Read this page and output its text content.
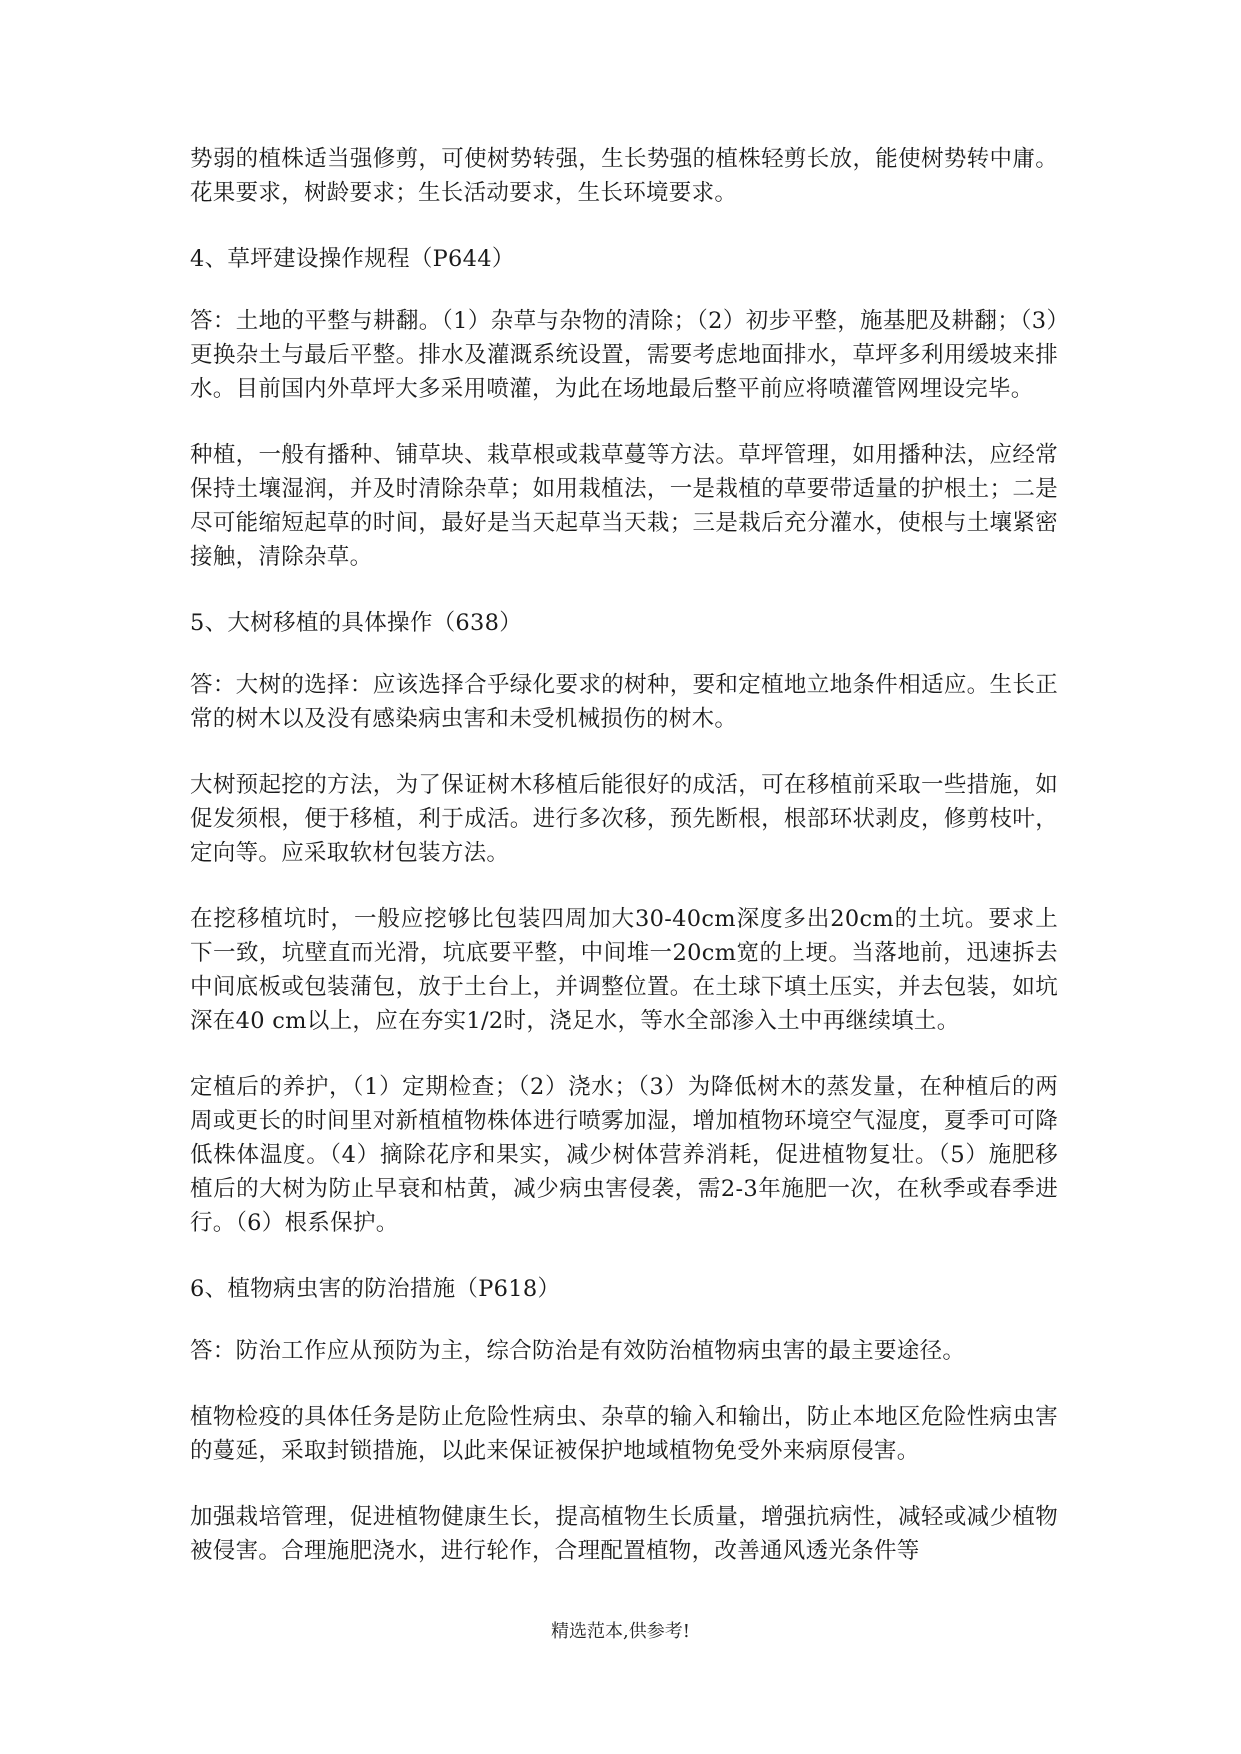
势弱的植株适当强修剪，可使树势转强，生长势强的植株轻剪长放，能使树势转中庸。花果要求，树龄要求；生长活动要求，生长环境要求。

4、草坪建设操作规程（P644）

答：土地的平整与耕翻。（1）杂草与杂物的清除；（2）初步平整，施基肥及耕翻；（3）更换杂土与最后平整。排水及灌溉系统设置，需要考虑地面排水，草坪多利用缓坡来排水。目前国内外草坪大多采用喷灌，为此在场地最后整平前应将喷灌管网埋设完毕。

种植，一般有播种、铺草块、栽草根或栽草蔓等方法。草坪管理，如用播种法，应经常保持土壤湿润，并及时清除杂草；如用栽植法，一是栽植的草要带适量的护根土；二是尽可能缩短起草的时间，最好是当天起草当天栽；三是栽后充分灌水，使根与土壤紧密接触，清除杂草。

5、大树移植的具体操作（638）

答：大树的选择：应该选择合乎绿化要求的树种，要和定植地立地条件相适应。生长正常的树木以及没有感染病虫害和未受机械损伤的树木。

大树预起挖的方法，为了保证树木移植后能很好的成活，可在移植前采取一些措施，如促发须根，便于移植，利于成活。进行多次移，预先断根，根部环状剥皮，修剪枝叶，定向等。应采取软材包装方法。

在挖移植坑时，一般应挖够比包装四周加大30-40cm深度多出20cm的土坑。要求上下一致，坑壁直而光滑，坑底要平整，中间堆一20cm宽的上埂。当落地前，迅速拆去中间底板或包装蒲包，放于土台上，并调整位置。在土球下填土压实，并去包装，如坑深在40 cm以上，应在夯实1/2时，浇足水，等水全部渗入土中再继续填土。

定植后的养护，（1）定期检查；（2）浇水；（3）为降低树木的蒸发量，在种植后的两周或更长的时间里对新植植物株体进行喷雾加湿，增加植物环境空气湿度，夏季可可降低株体温度。（4）摘除花序和果实，减少树体营养消耗，促进植物复壮。（5）施肥移植后的大树为防止早衰和枯黄，减少病虫害侵袭，需2-3年施肥一次，在秋季或春季进行。（6）根系保护。

6、植物病虫害的防治措施（P618）

答：防治工作应从预防为主，综合防治是有效防治植物病虫害的最主要途径。

植物检疫的具体任务是防止危险性病虫、杂草的输入和输出，防止本地区危险性病虫害的蔓延，采取封锁措施，以此来保证被保护地域植物免受外来病原侵害。

加强栽培管理，促进植物健康生长，提高植物生长质量，增强抗病性，减轻或减少植物被侵害。合理施肥浇水，进行轮作，合理配置植物，改善通风透光条件等

精选范本,供参考!
